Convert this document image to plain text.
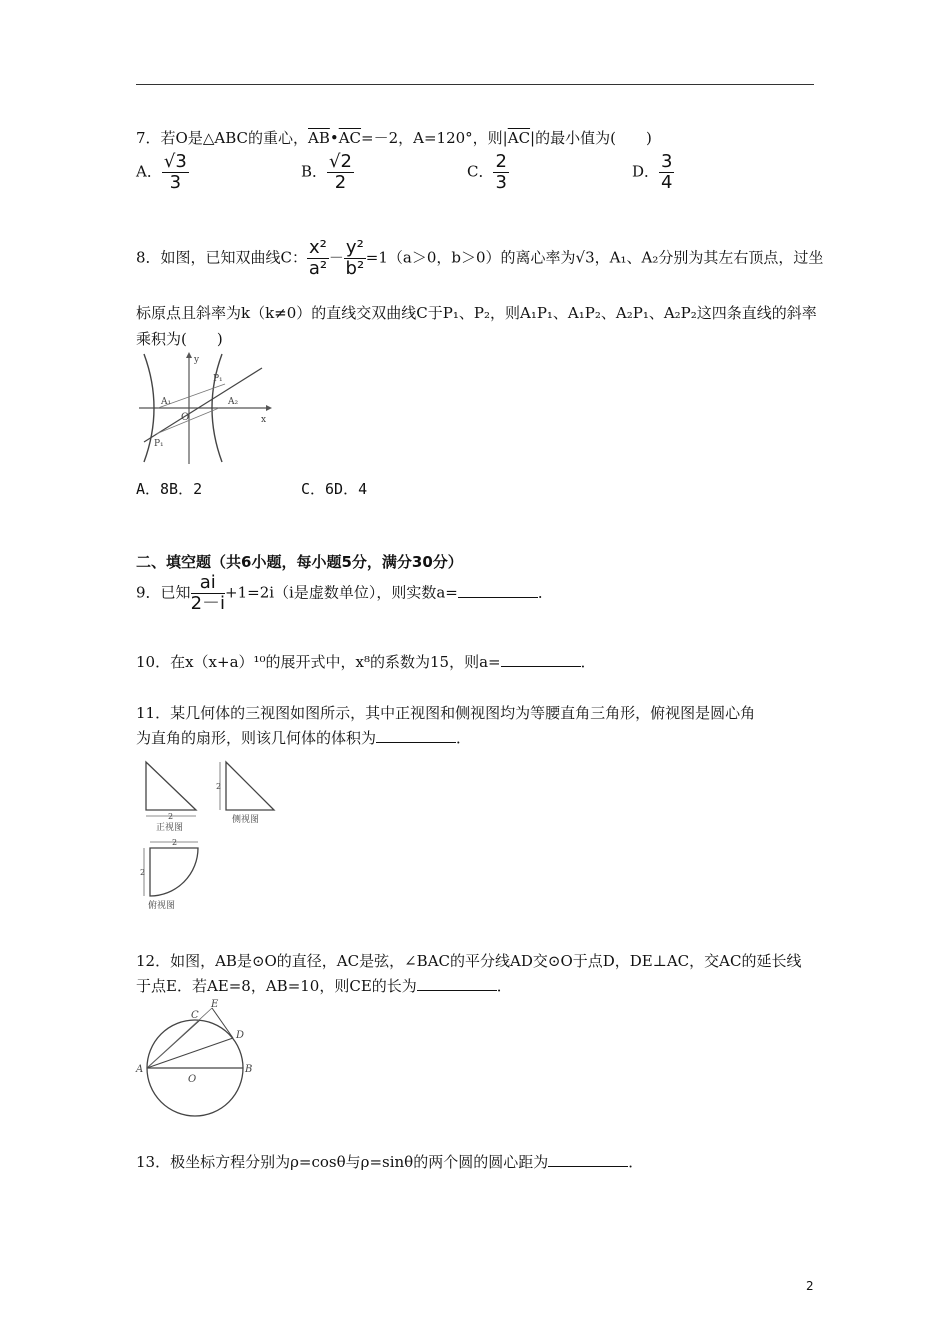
7．若O是△ABC的重心，$\overline{AB}•\overline{AC}=-2$，A=120°，则$|\overline{AC}|$的最小值为(　　)
A． $\frac{√3}{3}$	B． $\frac{√2}{2}$	C． $\frac{2}{3}$	D． $\frac{3}{4}$
8．如图，已知双曲线C： $\frac{\text{x²}}{\text{a²}} - \frac{\text{y²}}{\text{b²}} =1(a>0$，b＞0）的离心率为√3，A₁、A₂分别为其左右顶点，过坐
标原点且斜率为k（k≠0）的直线交双曲线C于P₁、P₂，则A₁P₁、A₁P₂、A₂P₁、A₂P₂这四条直线的斜率
乘积为(　　)
y
x
O
A₁	A₂
P₁
P₁
A．8B．2	C．6D．4
二、填空题（共6小题，每小题5分，满分30分）
9．已知 $\frac{ai}{2-i} +1=2i(i$是虚数单位），则实数a=	．
10．在x（x+a）¹⁰的展开式中，x⁸的系数为15，则a=	．
11．某几何体的三视图如图所示，其中正视图和侧视图均为等腰直角三角形，俯视图是圆心角
为直角的扇形，则该几何体的体积为	．
2
正视图
2
侧视图
2
2
俯视图
12．如图，AB是⊙O的直径，AC是弦，∠BAC的平分线AD交⊙O于点D，DE⊥AC，交AC的延长线
于点E．若AE=8，AB=10，则CE的长为	．
A	B
C
D
E
O
13．极坐标方程分别为ρ=cosθ与ρ=sinθ的两个圆的圆心距为	．
2
